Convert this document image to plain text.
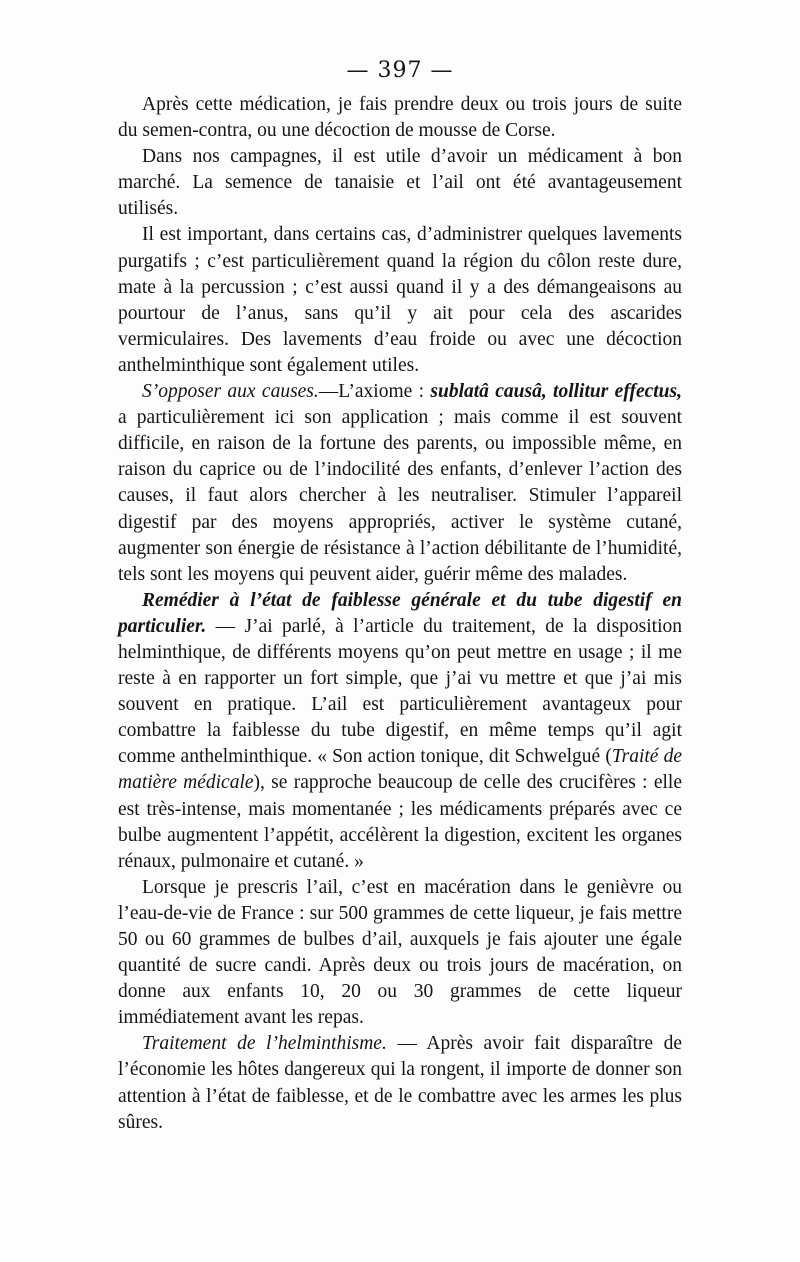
— 397 —

Après cette médication, je fais prendre deux ou trois jours de suite du semen-contra, ou une décoction de mousse de Corse.

Dans nos campagnes, il est utile d’avoir un médicament à bon marché. La semence de tanaisie et l’ail ont été avantageusement utilisés.

Il est important, dans certains cas, d’administrer quelques lavements purgatifs ; c’est particulièrement quand la région du côlon reste dure, mate à la percussion ; c’est aussi quand il y a des démangeaisons au pourtour de l’anus, sans qu’il y ait pour cela des ascarides vermiculaires. Des lavements d’eau froide ou avec une décoction anthelminthique sont également utiles.

S’opposer aux causes.—L’axiome : sublatâ causâ, tollitur effectus, a particulièrement ici son application ; mais comme il est souvent difficile, en raison de la fortune des parents, ou impossible même, en raison du caprice ou de l’indocilité des enfants, d’enlever l’action des causes, il faut alors chercher à les neutraliser. Stimuler l’appareil digestif par des moyens appropriés, activer le système cutané, augmenter son énergie de résistance à l’action débilitante de l’humidité, tels sont les moyens qui peuvent aider, guérir même des malades.

Remédier à l’état de faiblesse générale et du tube digestif en particulier. — J’ai parlé, à l’article du traitement, de la disposition helminthique, de différents moyens qu’on peut mettre en usage ; il me reste à en rapporter un fort simple, que j’ai vu mettre et que j’ai mis souvent en pratique. L’ail est particulièrement avantageux pour combattre la faiblesse du tube digestif, en même temps qu’il agit comme anthelminthique. « Son action tonique, dit Schwelgué (Traité de matière médicale), se rapproche beaucoup de celle des crucifères : elle est très-intense, mais momentanée ; les médicaments préparés avec ce bulbe augmentent l’appétit, accélèrent la digestion, excitent les organes rénaux, pulmonaire et cutané. »

Lorsque je prescris l’ail, c’est en macération dans le genièvre ou l’eau-de-vie de France : sur 500 grammes de cette liqueur, je fais mettre 50 ou 60 grammes de bulbes d’ail, auxquels je fais ajouter une égale quantité de sucre candi. Après deux ou trois jours de macération, on donne aux enfants 10, 20 ou 30 grammes de cette liqueur immédiatement avant les repas.

Traitement de l’helminthisme. — Après avoir fait disparaître de l’économie les hôtes dangereux qui la rongent, il importe de donner son attention à l’état de faiblesse, et de le combattre avec les armes les plus sûres.
